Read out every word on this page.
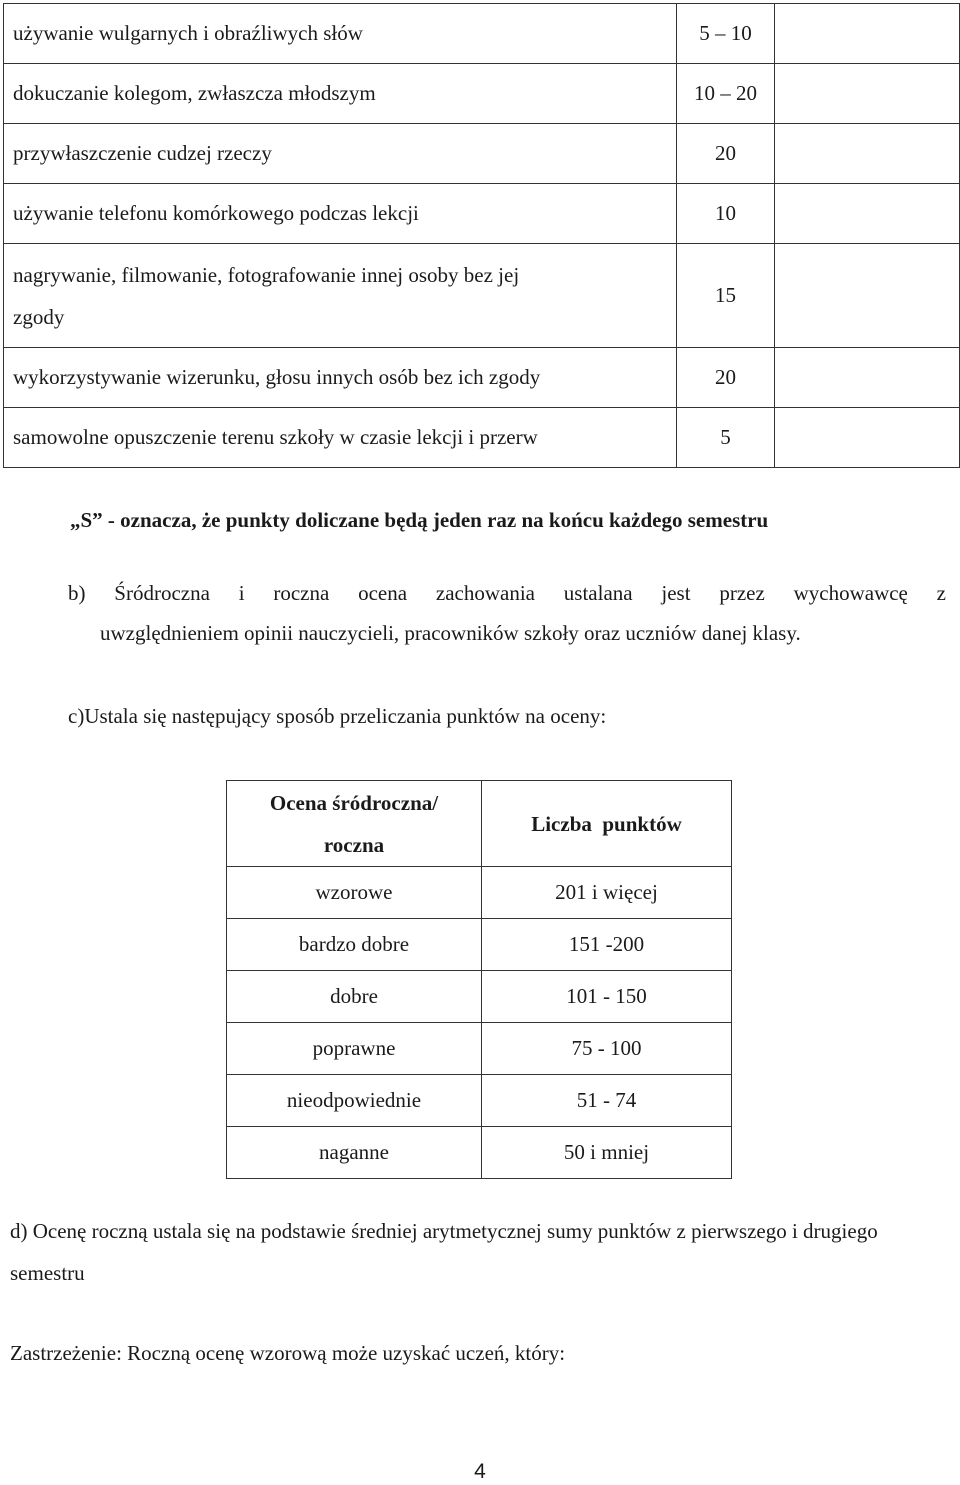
używanie wulgarnych i obraźliwych słów	5 – 10	
dokuczanie kolegom, zwłaszcza młodszym	10 – 20	
przywłaszczenie cudzej rzeczy	20	
używanie telefonu komórkowego podczas lekcji	10	

nagrywanie, filmowanie, fotografowanie innej osoby bez jej
zgody	15	
wykorzystywanie wizerunku, głosu innych osób bez ich zgody	20	
samowolne opuszczenie terenu szkoły w czasie lekcji i przerw	5	
„S” - oznacza, że punkty doliczane będą jeden raz na końcu każdego semestru
b) Śródroczna i roczna ocena zachowania ustalana jest przez wychowawcę z
uwzględnieniem opinii nauczycieli, pracowników szkoły oraz uczniów danej klasy.
c)Ustala się następujący sposób przeliczania punktów na oceny:
Ocena śródroczna/
roczna	Liczba  punktów
wzorowe	201 i więcej
bardzo dobre	151 -200
dobre	101 - 150
poprawne	75 - 100
nieodpowiednie	51 - 74
naganne	50 i mniej
d) Ocenę roczną ustala się na podstawie średniej arytmetycznej sumy punktów z pierwszego i drugiego semestru
Zastrzeżenie: Roczną ocenę wzorową może uzyskać uczeń, który:
4
